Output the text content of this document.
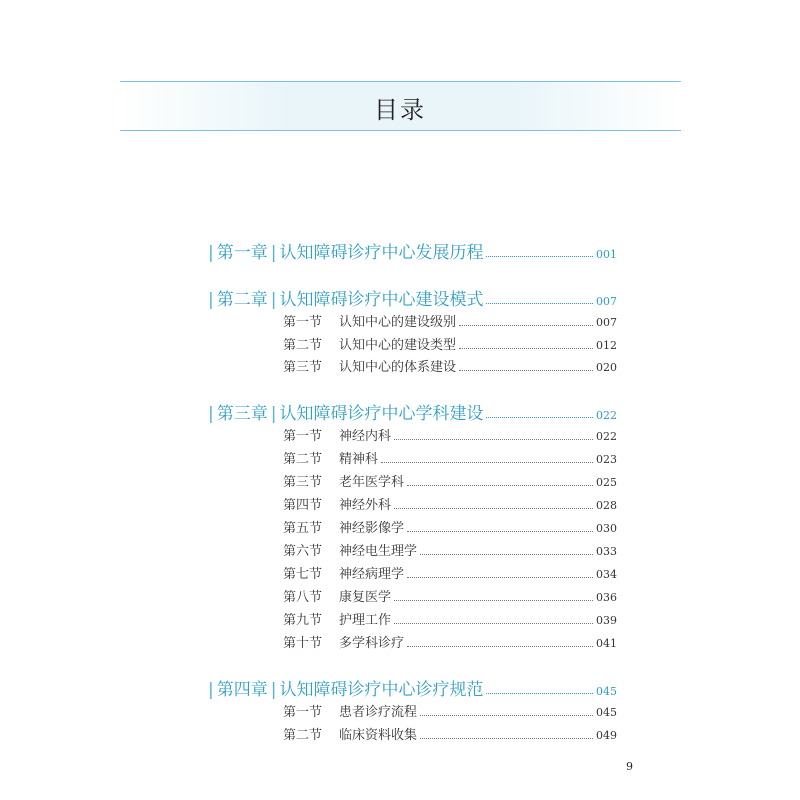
目录
| 第一章 | 认知障碍诊疗中心发展历程	001
| 第二章 | 认知障碍诊疗中心建设模式	007
第一节	认知中心的建设级别	007
第二节	认知中心的建设类型	012
第三节	认知中心的体系建设	020
| 第三章 | 认知障碍诊疗中心学科建设	022
第一节	神经内科	022
第二节	精神科	023
第三节	老年医学科	025
第四节	神经外科	028
第五节	神经影像学	030
第六节	神经电生理学	033
第七节	神经病理学	034
第八节	康复医学	036
第九节	护理工作	039
第十节	多学科诊疗	041
| 第四章 | 认知障碍诊疗中心诊疗规范	045
第一节	患者诊疗流程	045
第二节	临床资料收集	049
9
